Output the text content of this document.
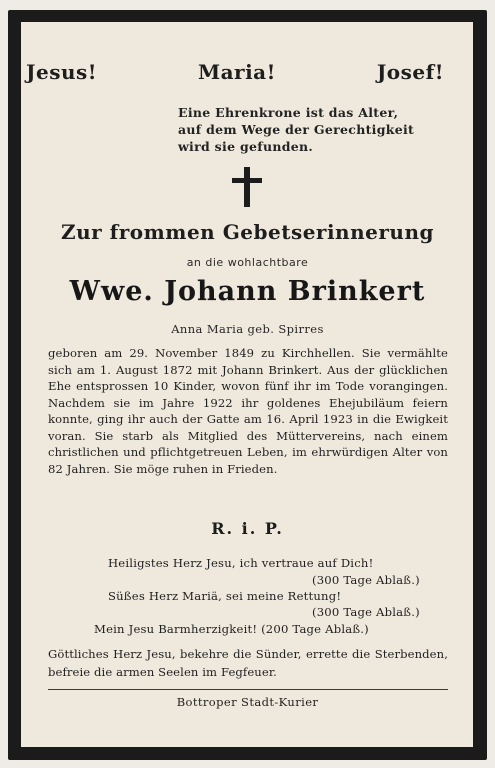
Jesus!	Maria!	Josef!
Eine Ehrenkrone ist das Alter,
auf dem Wege der Gerechtigkeit
wird sie gefunden.
Zur frommen Gebetserinnerung
an die wohlachtbare
Wwe. Johann Brinkert
Anna Maria geb. Spirres
geboren am 29. November 1849 zu Kirchhellen. Sie vermählte sich am 1. August 1872 mit Johann Brinkert. Aus der glücklichen Ehe entsprossen 10 Kinder, wovon fünf ihr im Tode vorangingen. Nachdem sie im Jahre 1922 ihr goldenes Ehejubiläum feiern konnte, ging ihr auch der Gatte am 16. April 1923 in die Ewigkeit voran. Sie starb als Mitglied des Müttervereins, nach einem christlichen und pflichtgetreuen Leben, im ehrwürdigen Alter von 82 Jahren. Sie möge ruhen in Frieden.
R. i. P.
Heiligstes Herz Jesu, ich vertraue auf Dich!
(300 Tage Ablaß.)
Süßes Herz Mariä, sei meine Rettung!
(300 Tage Ablaß.)
Mein Jesu Barmherzigkeit! (200 Tage Ablaß.)
Göttliches Herz Jesu, bekehre die Sünder, errette die Sterbenden, befreie die armen Seelen im Fegfeuer.
Bottroper Stadt-Kurier
